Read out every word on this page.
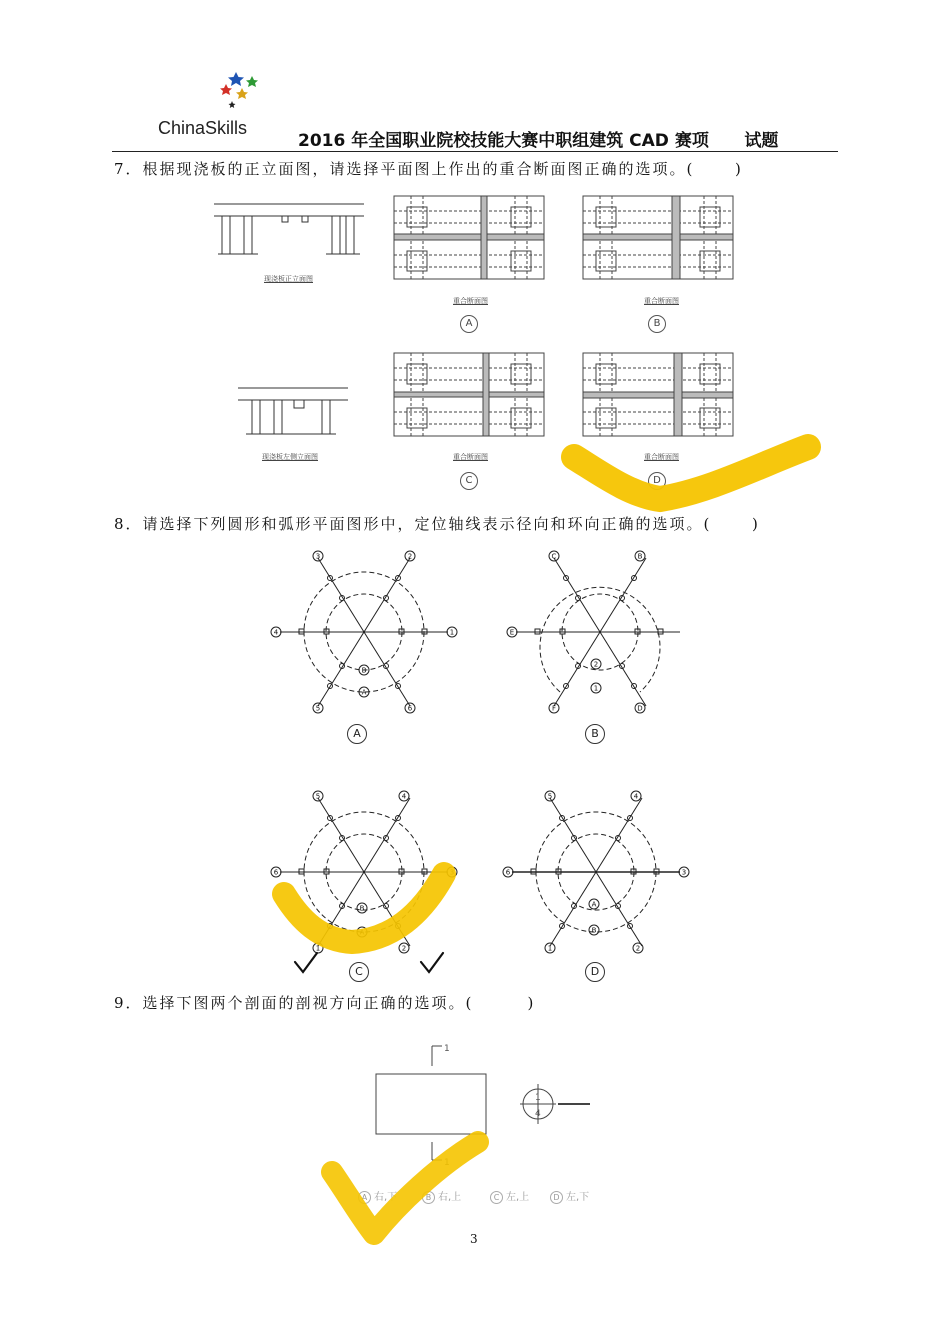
ChinaSkills
2016 年全国职业院校技能大赛中职组建筑 CAD 赛项      试题
7．根据现浇板的正立面图，请选择平面图上作出的重合断面图正确的选项。(      )
现浇板正立面图
现浇板左侧立面图
重合断面图
A
重合断面图
B
重合断面图
C
重合断面图
D
8．请选择下列圆形和弧形平面图形中，定位轴线表示径向和环向正确的选项。(      )
4	1
3	2
5	6
B
A
A
E
C	B
F	D
2
1
B
6	3
5	4
1	2
B
A
6	3
5	4
1	2
A
B
C	D
9．选择下图两个剖面的剖视方向正确的选项。(        )
1
1
1
4
A 右,下	B 右,上	C 左,上	D 左,下
3
